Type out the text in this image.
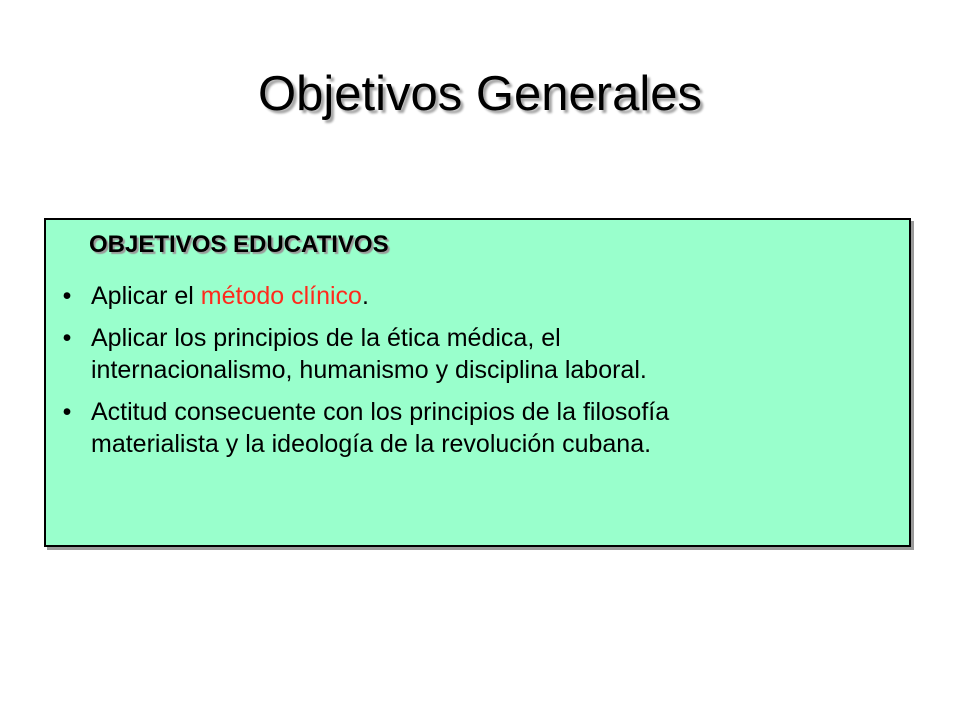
Objetivos Generales
OBJETIVOS EDUCATIVOS
• Aplicar el método clínico.
• Aplicar los principios de la ética médica, el
internacionalismo, humanismo y disciplina laboral.
• Actitud consecuente con los principios de la filosofía
materialista y la ideología de la revolución cubana.
